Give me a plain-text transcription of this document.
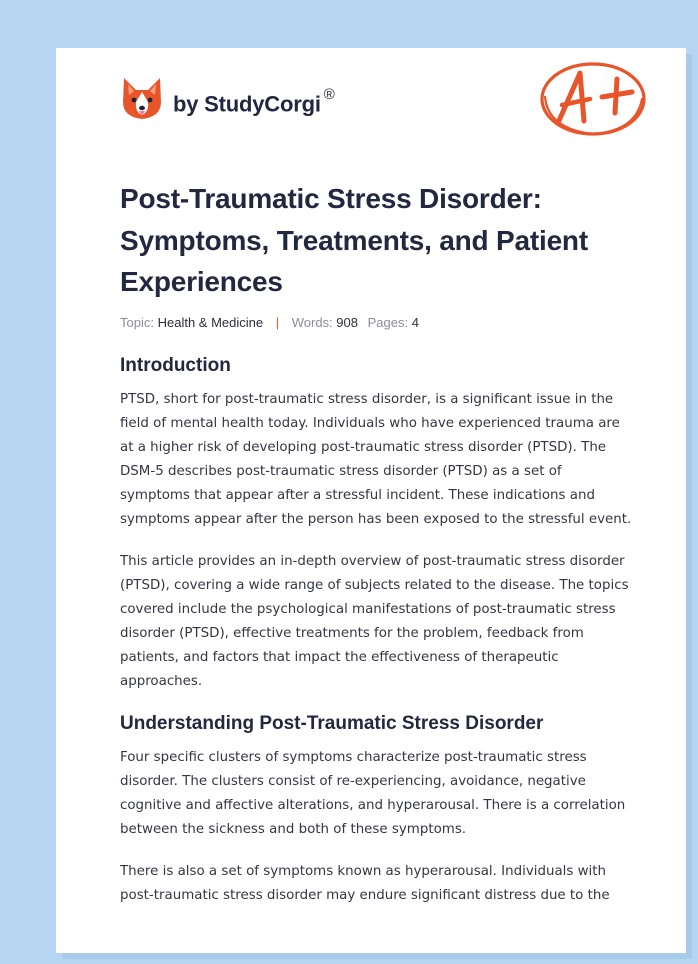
by StudyCorgi ®
A+
Post-Traumatic Stress Disorder: Symptoms, Treatments, and Patient Experiences
Topic: Health & Medicine | Words: 908 Pages: 4
Introduction

PTSD, short for post-traumatic stress disorder, is a significant issue in the field of mental health today. Individuals who have experienced trauma are at a higher risk of developing post-traumatic stress disorder (PTSD). The DSM-5 describes post-traumatic stress disorder (PTSD) as a set of symptoms that appear after a stressful incident. These indications and symptoms appear after the person has been exposed to the stressful event.

This article provides an in-depth overview of post-traumatic stress disorder (PTSD), covering a wide range of subjects related to the disease. The topics covered include the psychological manifestations of post-traumatic stress disorder (PTSD), effective treatments for the problem, feedback from patients, and factors that impact the effectiveness of therapeutic approaches.

Understanding Post-Traumatic Stress Disorder

Four specific clusters of symptoms characterize post-traumatic stress disorder. The clusters consist of re-experiencing, avoidance, negative cognitive and affective alterations, and hyperarousal. There is a correlation between the sickness and both of these symptoms.

There is also a set of symptoms known as hyperarousal. Individuals with post-traumatic stress disorder may endure significant distress due to the
